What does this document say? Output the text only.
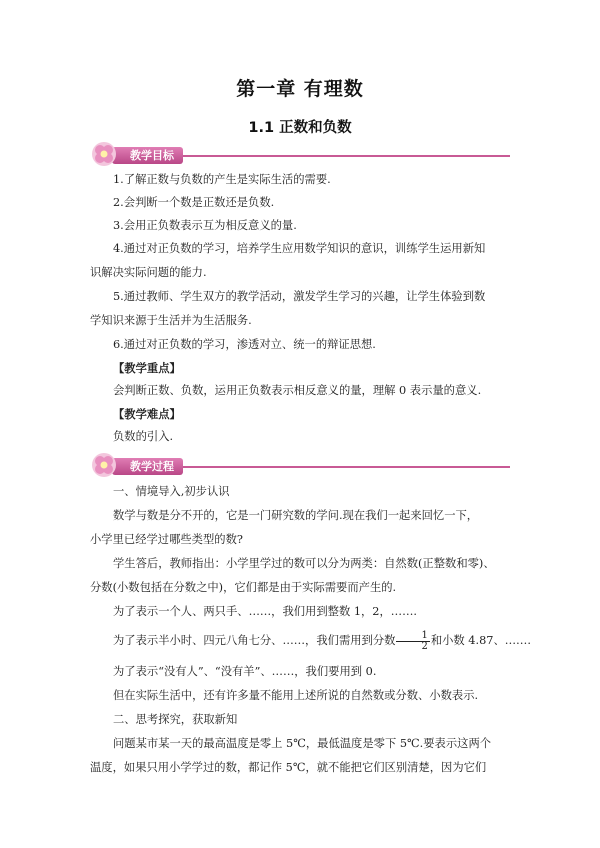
第一章 有理数
1.1 正数和负数
教学目标

1.了解正数与负数的产生是实际生活的需要.

2.会判断一个数是正数还是负数.

3.会用正负数表示互为相反意义的量.

4.通过对正负数的学习，培养学生应用数学知识的意识，训练学生运用新知

识解决实际问题的能力.

5.通过教师、学生双方的教学活动，激发学生学习的兴趣，让学生体验到数

学知识来源于生活并为生活服务.

6.通过对正负数的学习，渗透对立、统一的辩证思想.

【教学重点】

会判断正数、负数，运用正负数表示相反意义的量，理解 0 表示量的意义.

【教学难点】

负数的引入.

教学过程

一、情境导入,初步认识

数学与数是分不开的，它是一门研究数的学问.现在我们一起来回忆一下，

小学里已经学过哪些类型的数?

学生答后，教师指出：小学里学过的数可以分为两类：自然数(正整数和零)、

分数(小数包括在分数之中)，它们都是由于实际需要而产生的.

为了表示一个人、两只手、……，我们用到整数 1，2，…….

为了表示半小时、四元八角七分、……，我们需用到分数 $\frac{1}{2}$ 和小数 4.87、…….

为了表示“没有人”、“没有羊”、……，我们要用到 0.

但在实际生活中，还有许多量不能用上述所说的自然数或分数、小数表示.

二、思考探究，获取新知

问题某市某一天的最高温度是零上 5℃，最低温度是零下 5℃.要表示这两个

温度，如果只用小学学过的数，都记作 5℃，就不能把它们区别清楚，因为它们
